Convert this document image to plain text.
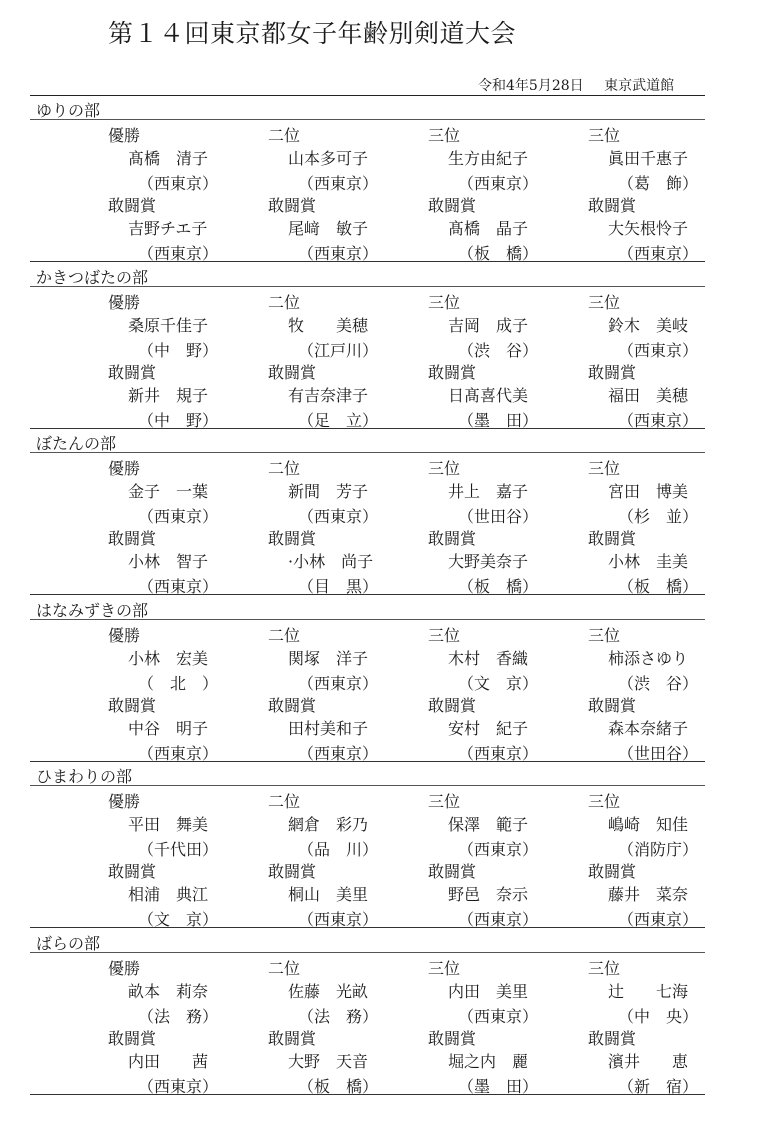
第１４回東京都女子年齢別剣道大会
令和4年5月28日 東京武道館
ゆりの部
優勝
髙橋　清子
（西東京）
二位
山本多可子
（西東京）
三位
生方由紀子
（西東京）
三位
眞田千惠子
（葛　飾）
敢闘賞
吉野チエ子
（西東京）
敢闘賞
尾﨑　敏子
（西東京）
敢闘賞
髙橋　晶子
（板　橋）
敢闘賞
大矢根怜子
（西東京）
かきつばたの部
優勝
桑原千佳子
（中　野）
二位
牧　　美穂
（江戸川）
三位
吉岡　成子
（渋　谷）
三位
鈴木　美岐
（西東京）
敢闘賞
新井　規子
（中　野）
敢闘賞
有吉奈津子
（足　立）
敢闘賞
日髙喜代美
（墨　田）
敢闘賞
福田　美穂
（西東京）
ぼたんの部
優勝
金子　一葉
（西東京）
二位
新間　芳子
（西東京）
三位
井上　嘉子
（世田谷）
三位
宮田　博美
（杉　並）
敢闘賞
小林　智子
（西東京）
敢闘賞
·小林　尚子
（目　黒）
敢闘賞
大野美奈子
（板　橋）
敢闘賞
小林　圭美
（板　橋）
はなみずきの部
優勝
小林　宏美
（　北　）
二位
関塚　洋子
（西東京）
三位
木村　香織
（文　京）
三位
柿添さゆり
（渋　谷）
敢闘賞
中谷　明子
（西東京）
敢闘賞
田村美和子
（西東京）
敢闘賞
安村　紀子
（西東京）
敢闘賞
森本奈緒子
（世田谷）
ひまわりの部
優勝
平田　舞美
（千代田）
二位
網倉　彩乃
（品　川）
三位
保澤　範子
（西東京）
三位
嶋崎　知佳
（消防庁）
敢闘賞
相浦　典江
（文　京）
敢闘賞
桐山　美里
（西東京）
敢闘賞
野邑　奈示
（西東京）
敢闘賞
藤井　菜奈
（西東京）
ばらの部
優勝
畝本　莉奈
（法　務）
二位
佐藤　光畝
（法　務）
三位
内田　美里
（西東京）
三位
辻　　七海
（中　央）
敢闘賞
内田　　茜
（西東京）
敢闘賞
大野　天音
（板　橋）
敢闘賞
堀之内　麗
（墨　田）
敢闘賞
濱井　　恵
（新　宿）
